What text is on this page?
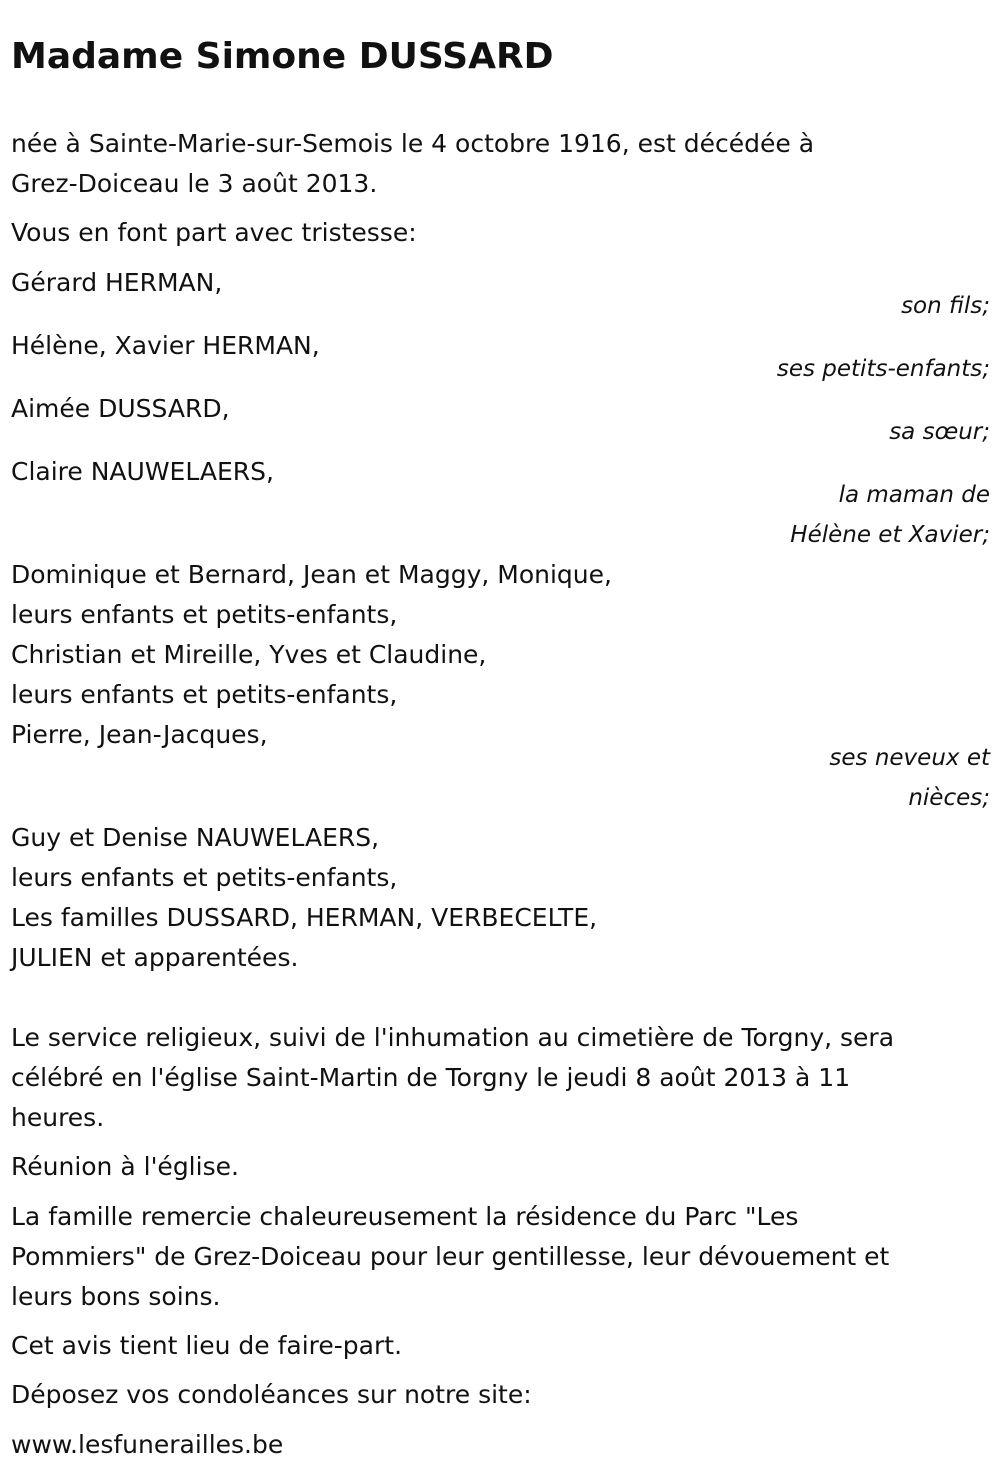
Madame Simone DUSSARD

née à Sainte-Marie-sur-Semois le 4 octobre 1916, est décédée à

Grez-Doiceau le 3 août 2013.

Vous en font part avec tristesse:

Gérard HERMAN,

son fils;

Hélène, Xavier HERMAN,

ses petits-enfants;

Aimée DUSSARD,

sa sœur;

Claire NAUWELAERS,

la maman de

Hélène et Xavier;

Dominique et Bernard, Jean et Maggy, Monique,

leurs enfants et petits-enfants,

Christian et Mireille, Yves et Claudine,

leurs enfants et petits-enfants,

Pierre, Jean-Jacques,

ses neveux et

nièces;

Guy et Denise NAUWELAERS,

leurs enfants et petits-enfants,

Les familles DUSSARD, HERMAN, VERBECELTE,

JULIEN et apparentées.

Le service religieux, suivi de l'inhumation au cimetière de Torgny, sera

célébré en l'église Saint-Martin de Torgny le jeudi 8 août 2013 à 11

heures.

Réunion à l'église.

La famille remercie chaleureusement la résidence du Parc "Les

Pommiers" de Grez-Doiceau pour leur gentillesse, leur dévouement et

leurs bons soins.

Cet avis tient lieu de faire-part.

Déposez vos condoléances sur notre site:

www.lesfunerailles.be
